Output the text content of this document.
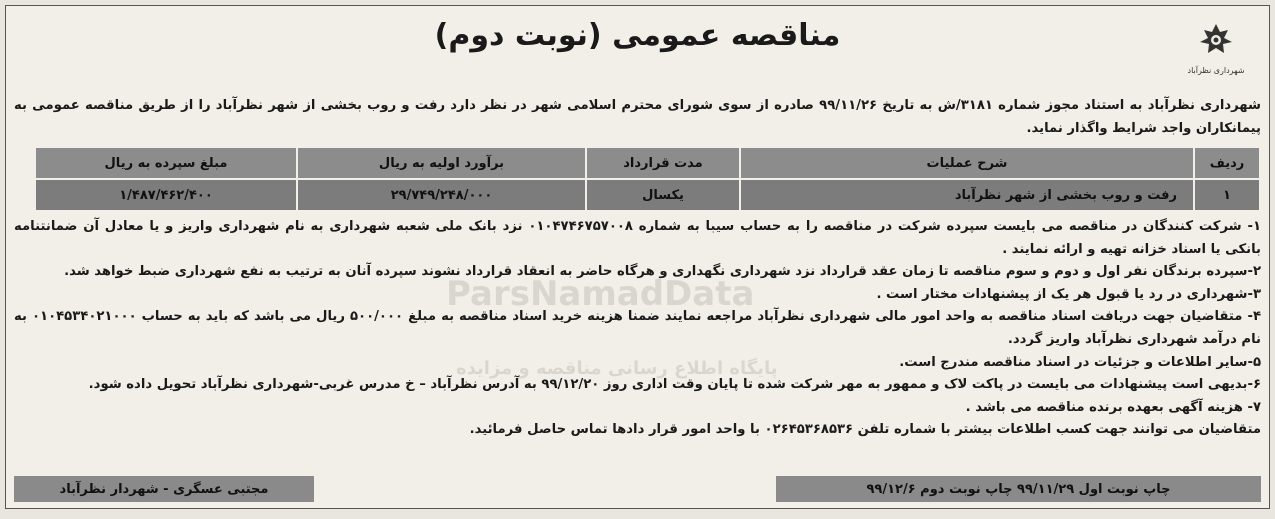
ParsNamadData
پایگاه اطلاع رسانی مناقصه و مزایده
شهرداری نظرآباد
مناقصه عمومی (نوبت دوم)
شهرداری نظرآباد به استناد مجوز شماره ۳۱۸۱/ش به تاریخ ۹۹/۱۱/۲۶ صادره از سوی شورای محترم اسلامی شهر در نظر دارد رفت و روب بخشی از شهر نظرآباد را از طریق مناقصه عمومی به پیمانکاران واجد شرایط واگذار نماید.
ردیف	شرح عملیات	مدت قرارداد	برآورد اولیه به ریال	مبلغ سپرده به ریال
۱	رفت و روب بخشی از شهر نظرآباد	یکسال	۲۹/۷۴۹/۲۴۸/۰۰۰	۱/۴۸۷/۴۶۲/۴۰۰

۱- شرکت کنندگان در مناقصه می بایست سپرده شرکت در مناقصه را به حساب سیبا به شماره ۰۱۰۴۷۴۶۷۵۷۰۰۸ نزد بانک ملی شعبه شهرداری به نام شهرداری واریز و یا معادل آن ضمانتنامه بانکی یا اسناد خزانه تهیه و ارائه نمایند .

۲-سپرده برندگان نفر اول و دوم و سوم مناقصه تا زمان عقد قرارداد نزد شهرداری نگهداری و هرگاه حاضر به انعقاد قرارداد نشوند سپرده آنان به ترتیب به نفع شهرداری ضبط خواهد شد.

۳-شهرداری در رد یا قبول هر یک از پیشنهادات مختار است .

۴- متقاضیان جهت دریافت اسناد مناقصه به واحد امور مالی شهرداری نظرآباد مراجعه نمایند ضمنا هزینه خرید اسناد مناقصه به مبلغ ۵۰۰/۰۰۰ ریال می باشد که باید به حساب ۰۱۰۴۵۳۴۰۲۱۰۰۰ به نام درآمد شهرداری نظرآباد واریز گردد.

۵-سایر اطلاعات و جزئیات در اسناد مناقصه مندرج است.

۶-بدیهی است پیشنهادات می بایست در پاکت لاک و ممهور به مهر شرکت شده تا پایان وقت اداری روز ۹۹/۱۲/۲۰ به آدرس نظرآباد – خ مدرس غربی-شهرداری نظرآباد تحویل داده شود.

۷- هزینه آگهی بعهده برنده مناقصه می باشد .

متقاضیان می توانند جهت کسب اطلاعات بیشتر با شماره تلفن ۰۲۶۴۵۳۶۸۵۳۶ با واحد امور قرار دادها تماس حاصل فرمائید.

چاپ نوبت اول ۹۹/۱۱/۲۹ چاپ نوبت دوم ۹۹/۱۲/۶
مجتبی عسگری - شهردار نظرآباد
